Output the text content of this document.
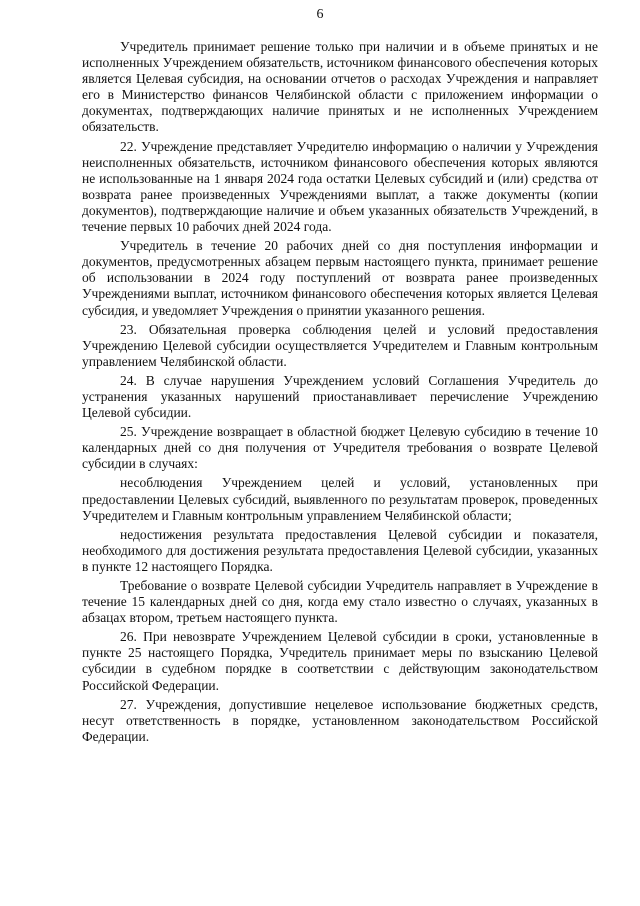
6

Учредитель принимает решение только при наличии и в объеме принятых и не исполненных Учреждением обязательств, источником финансового обеспечения которых является Целевая субсидия, на основании отчетов о расходах Учреждения и направляет его в Министерство финансов Челябинской области с приложением информации о документах, подтверждающих наличие принятых и не исполненных Учреждением обязательств.

22. Учреждение представляет Учредителю информацию о наличии у Учреждения неисполненных обязательств, источником финансового обеспечения которых являются не использованные на 1 января 2024 года остатки Целевых субсидий и (или) средства от возврата ранее произведенных Учреждениями выплат, а также документы (копии документов), подтверждающие наличие и объем указанных обязательств Учреждений, в течение первых 10 рабочих дней 2024 года.

Учредитель в течение 20 рабочих дней со дня поступления информации и документов, предусмотренных абзацем первым настоящего пункта, принимает решение об использовании в 2024 году поступлений от возврата ранее произведенных Учреждениями выплат, источником финансового обеспечения которых является Целевая субсидия, и уведомляет Учреждения о принятии указанного решения.

23. Обязательная проверка соблюдения целей и условий предоставления Учреждению Целевой субсидии осуществляется Учредителем и Главным контрольным управлением Челябинской области.

24. В случае нарушения Учреждением условий Соглашения Учредитель до устранения указанных нарушений приостанавливает перечисление Учреждению Целевой субсидии.

25. Учреждение возвращает в областной бюджет Целевую субсидию в течение 10 календарных дней со дня получения от Учредителя требования о возврате Целевой субсидии в случаях:

несоблюдения Учреждением целей и условий, установленных при предоставлении Целевых субсидий, выявленного по результатам проверок, проведенных Учредителем и Главным контрольным управлением Челябинской области;

недостижения результата предоставления Целевой субсидии и показателя, необходимого для достижения результата предоставления Целевой субсидии, указанных в пункте 12 настоящего Порядка.

Требование о возврате Целевой субсидии Учредитель направляет в Учреждение в течение 15 календарных дней со дня, когда ему стало известно о случаях, указанных в абзацах втором, третьем настоящего пункта.

26. При невозврате Учреждением Целевой субсидии в сроки, установленные в пункте 25 настоящего Порядка, Учредитель принимает меры по взысканию Целевой субсидии в судебном порядке в соответствии с действующим законодательством Российской Федерации.

27. Учреждения, допустившие нецелевое использование бюджетных средств, несут ответственность в порядке, установленном законодательством Российской Федерации.
